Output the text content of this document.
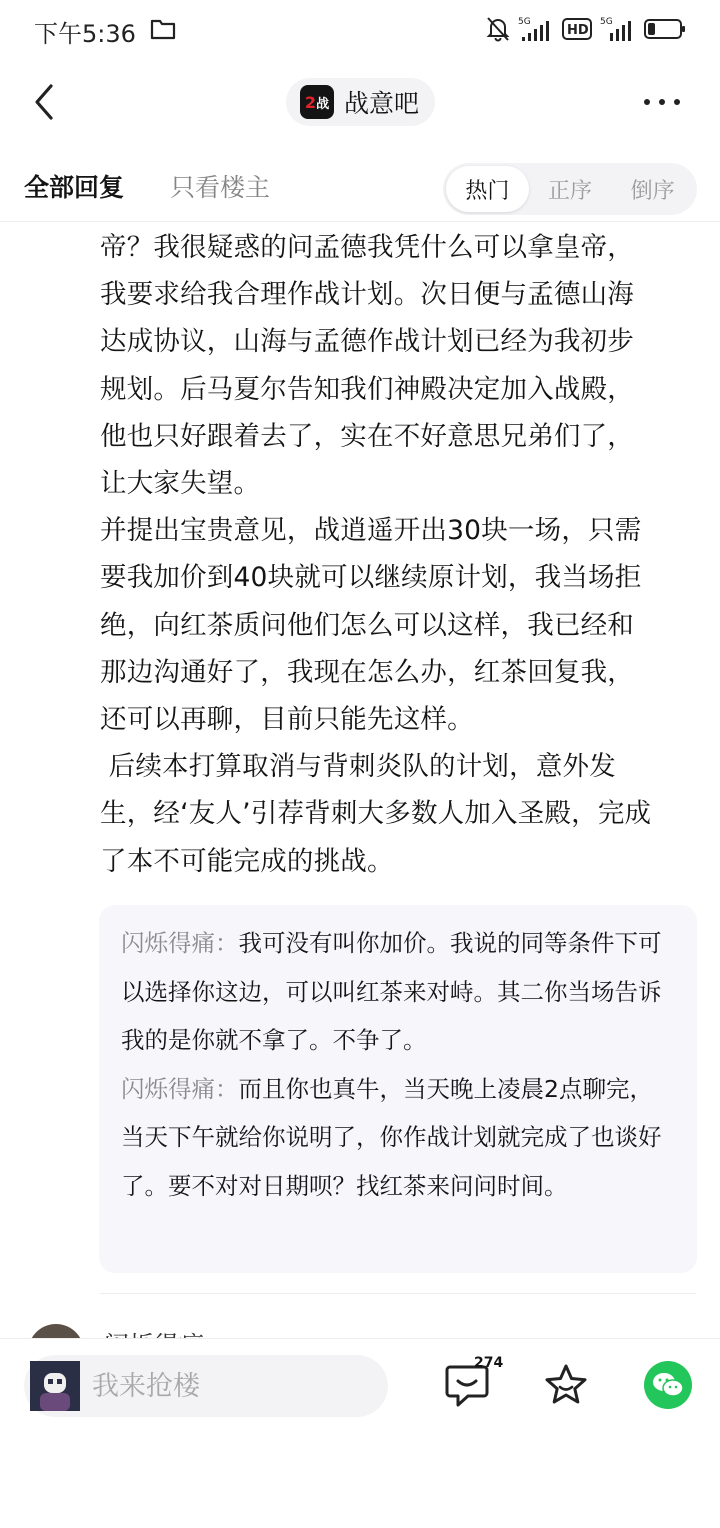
下午5:36	5G
HD
5G
2 战 战意吧
全部回复 只看楼主	热门	正序	倒序
帝？我很疑惑的问孟德我凭什么可以拿皇帝，
我要求给我合理作战计划。次日便与孟德山海
达成协议，山海与孟德作战计划已经为我初步
规划。后马夏尔告知我们神殿决定加入战殿，
他也只好跟着去了，实在不好意思兄弟们了，
让大家失望。
并提出宝贵意见，战逍遥开出30块一场，只需
要我加价到40块就可以继续原计划，我当场拒
绝，向红茶质问他们怎么可以这样，我已经和
那边沟通好了，我现在怎么办，红茶回复我，
还可以再聊，目前只能先这样。
后续本打算取消与背刺炎队的计划，意外发
生，经‘友人’引荐背刺大多数人加入圣殿，完成
了本不可能完成的挑战。

闪烁得痛：我可没有叫你加价。我说的同等条件下可以选择你这边，可以叫红茶来对峙。其二你当场告诉我的是你就不拿了。不争了。

闪烁得痛：而且你也真牛，当天晚上凌晨2点聊完，当天下午就给你说明了，你作战计划就完成了也谈好了。要不对对日期呗？找红茶来问问时间。

我来抢楼
274
